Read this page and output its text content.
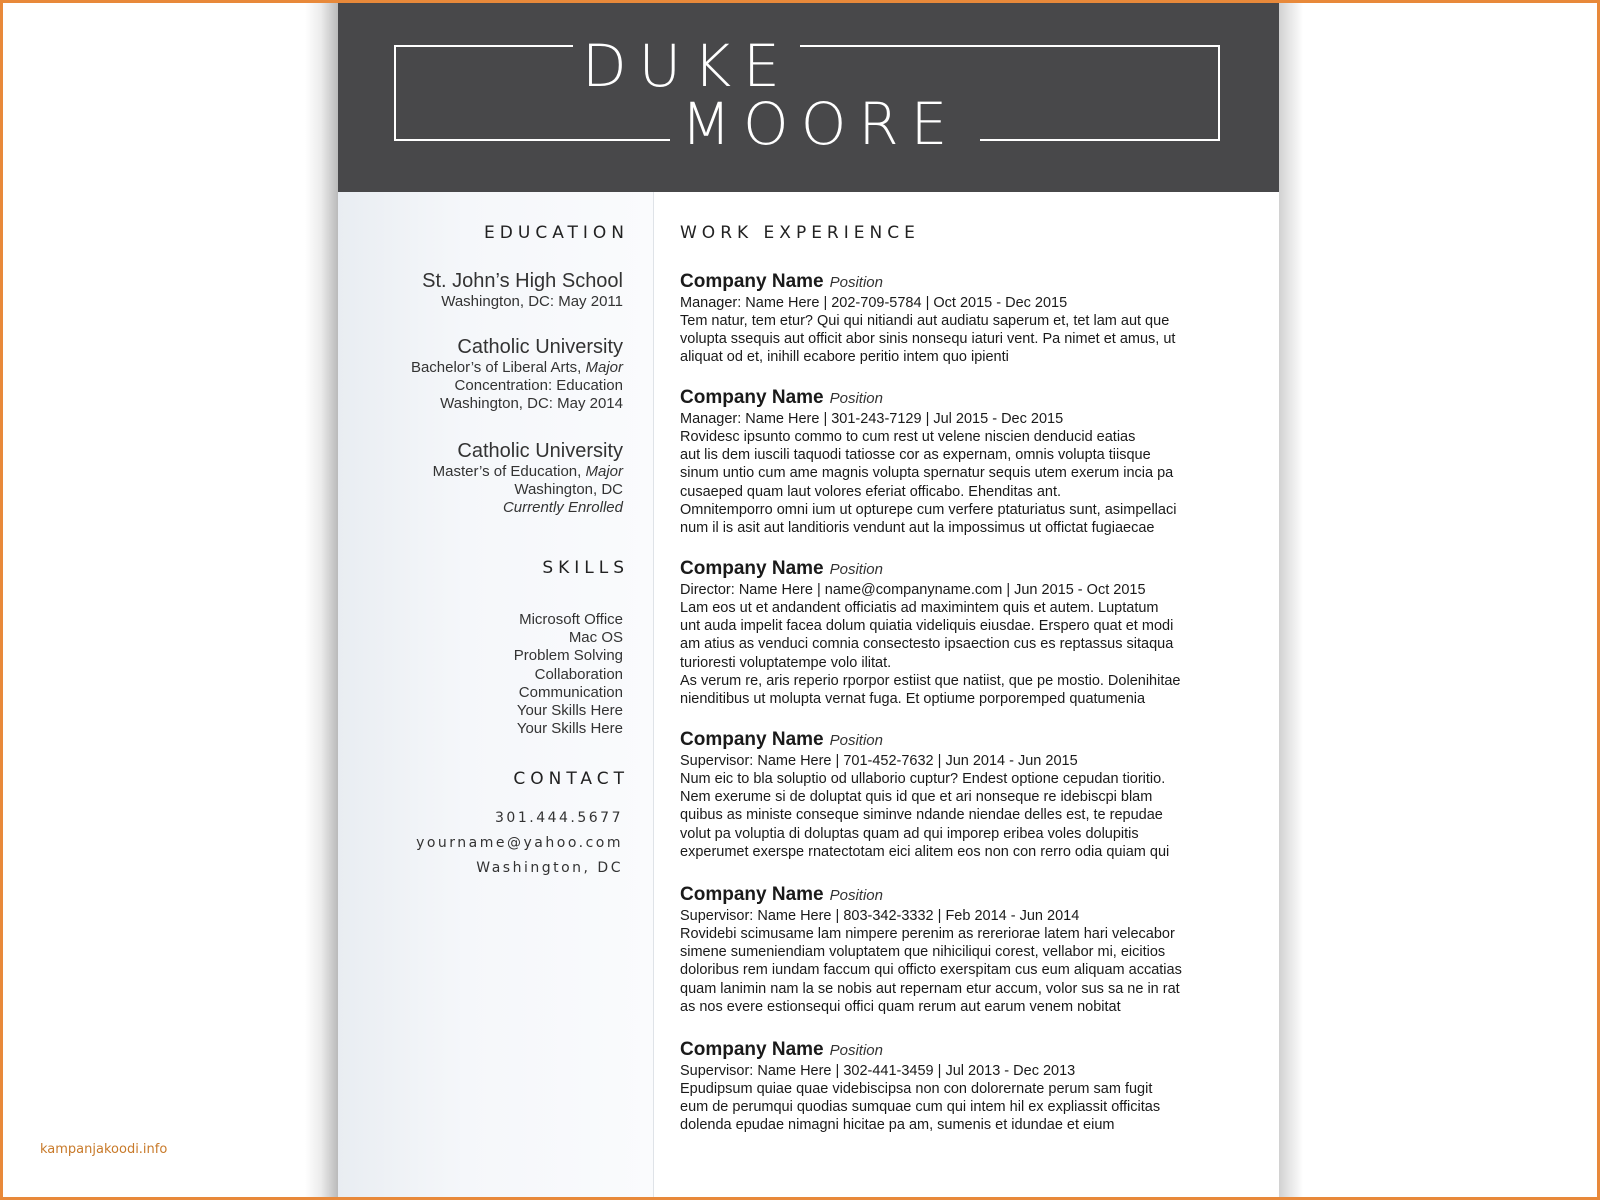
DUKE
MOORE
EDUCATION
St. John’s High School
Washington, DC: May 2011
Catholic University
Bachelor’s of Liberal Arts, Major
Concentration: Education
Washington, DC: May 2014
Catholic University
Master’s of Education, Major
Washington, DC
Currently Enrolled
SKILLS
Microsoft Office
Mac OS
Problem Solving
Collaboration
Communication
Your Skills Here
Your Skills Here
CONTACT
301.444.5677
yourname@yahoo.com
Washington, DC
WORK EXPERIENCE
Company Name Position
Manager: Name Here | 202-709-5784 | Oct 2015 - Dec 2015
Tem natur, tem etur? Qui qui nitiandi aut audiatu saperum et, tet lam aut que
volupta ssequis aut officit abor sinis nonsequ iaturi vent. Pa nimet et amus, ut
aliquat od et, inihill ecabore peritio intem quo ipienti
Company Name Position
Manager: Name Here | 301-243-7129 | Jul 2015 - Dec 2015
Rovidesc ipsunto commo to cum rest ut velene niscien denducid eatias
aut lis dem iuscili taquodi tatiosse cor as expernam, omnis volupta tiisque
sinum untio cum ame magnis volupta spernatur sequis utem exerum incia pa
cusaeped quam laut volores eferiat officabo. Ehenditas ant.
Omnitemporro omni ium ut opturepe cum verfere ptaturiatus sunt, asimpellaci
num il is asit aut landitioris vendunt aut la impossimus ut offictat fugiaecae
Company Name Position
Director: Name Here | name@companyname.com | Jun 2015 - Oct 2015
Lam eos ut et andandent officiatis ad maximintem quis et autem. Luptatum
unt auda impelit facea dolum quiatia videliquis eiusdae. Erspero quat et modi
am atius as venduci comnia consectesto ipsaection cus es reptassus sitaqua
turioresti voluptatempe volo ilitat.
As verum re, aris reperio rporpor estiist que natiist, que pe mostio. Dolenihitae
nienditibus ut molupta vernat fuga. Et optiume porporemped quatumenia
Company Name Position
Supervisor: Name Here | 701-452-7632 | Jun 2014 - Jun 2015
Num eic to bla soluptio od ullaborio cuptur? Endest optione cepudan tioritio.
Nem exerume si de doluptat quis id que et ari nonseque re idebiscpi blam
quibus as ministe conseque siminve ndande niendae delles est, te repudae
volut pa voluptia di doluptas quam ad qui imporep eribea voles dolupitis
experumet exerspe rnatectotam eici alitem eos non con rerro odia quiam qui
Company Name Position
Supervisor: Name Here | 803-342-3332 | Feb 2014 - Jun 2014
Rovidebi scimusame lam nimpere perenim as rereriorae latem hari velecabor
simene sumeniendiam voluptatem que nihiciliqui corest, vellabor mi, eicitios
doloribus rem iundam faccum qui officto exerspitam cus eum aliquam accatias
quam lanimin nam la se nobis aut repernam etur accum, volor sus sa ne in rat
as nos evere estionsequi offici quam rerum aut earum venem nobitat
Company Name Position
Supervisor: Name Here | 302-441-3459 | Jul 2013 - Dec 2013
Epudipsum quiae quae videbiscipsa non con dolorernate perum sam fugit
eum de perumqui quodias sumquae cum qui intem hil ex expliassit officitas
dolenda epudae nimagni hicitae pa am, sumenis et idundae et eium
kampanjakoodi.info
